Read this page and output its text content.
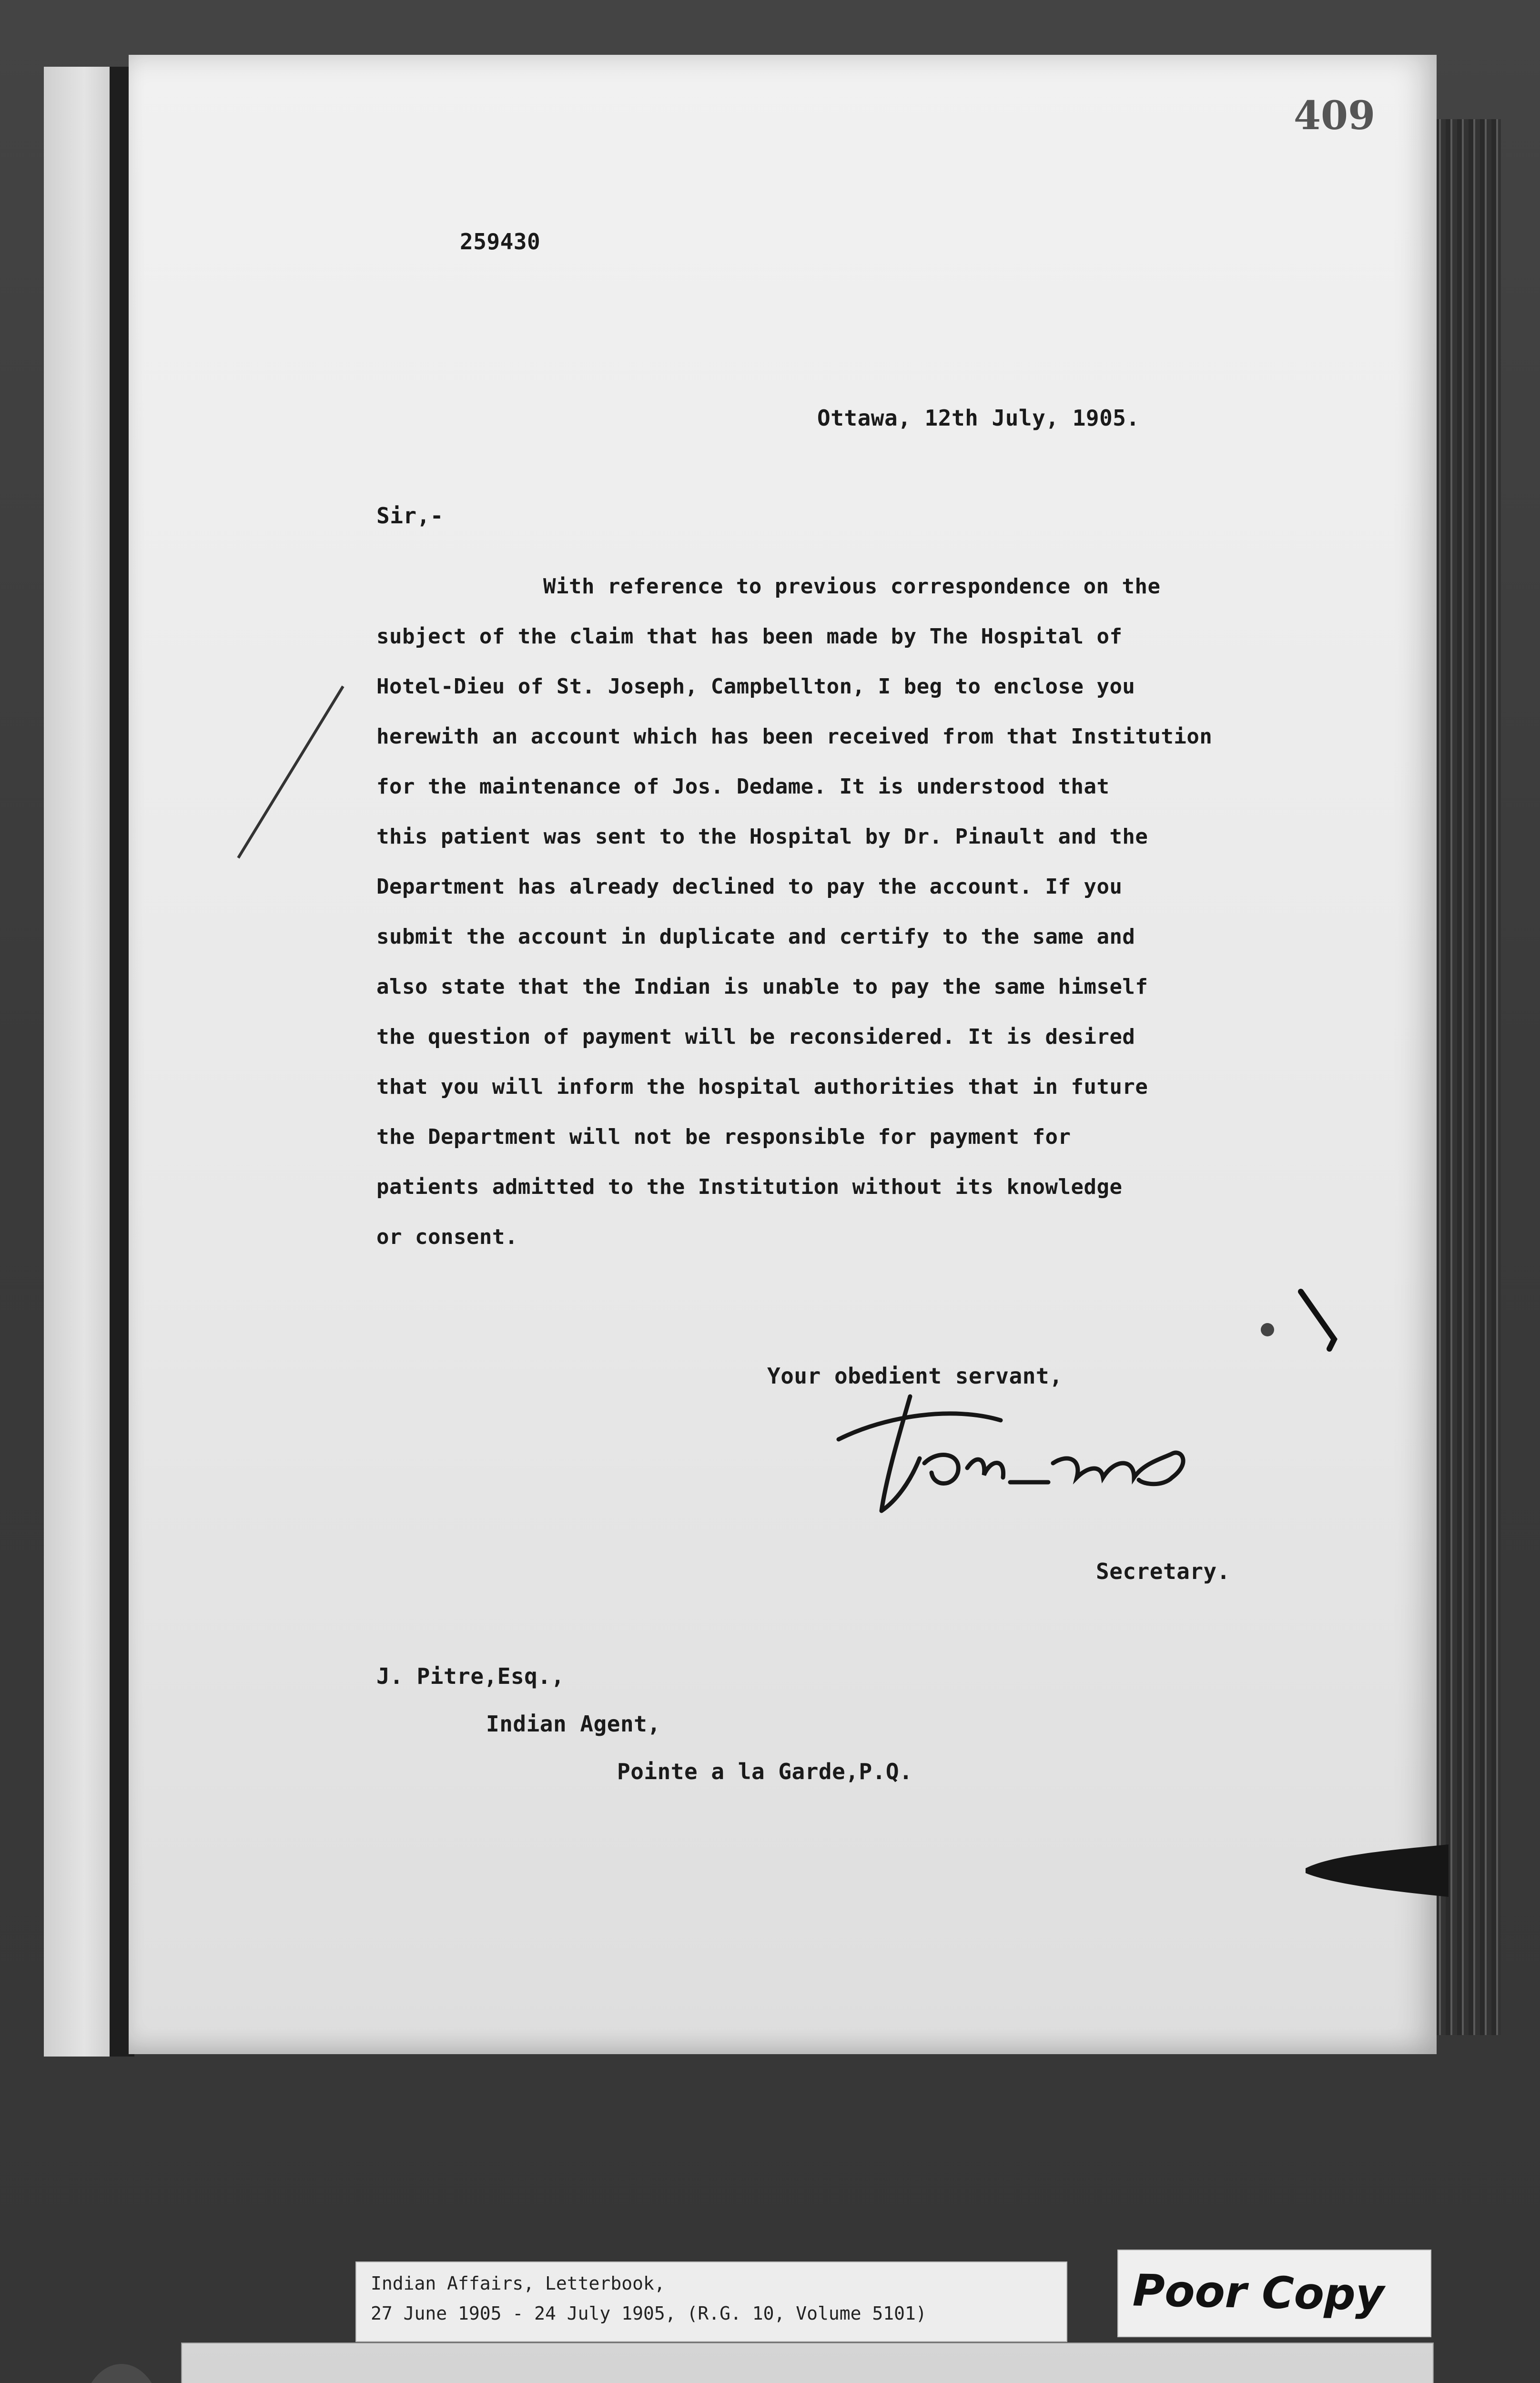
409
259430
Ottawa, 12th July, 1905.
Sir,-
With reference to previous correspondence on the
subject of the claim that has been made by The Hospital of
Hotel-Dieu of St. Joseph, Campbellton, I beg to enclose you
herewith an account which has been received from that Institution
for the maintenance of Jos. Dedame. It is understood that
this patient was sent to the Hospital by Dr. Pinault and the
Department has already declined to pay the account. If you
submit the account in duplicate and certify to the same and
also state that the Indian is unable to pay the same himself
the question of payment will be reconsidered. It is desired
that you will inform the hospital authorities that in future
the Department will not be responsible for payment for
patients admitted to the Institution without its knowledge
or consent.
Your obedient servant,
Secretary.
J. Pitre,Esq.,
Indian Agent,
Pointe a la Garde,P.Q.
Indian Affairs, Letterbook,
27 June 1905 - 24 July 1905, (R.G. 10, Volume 5101)	Poor Copy
